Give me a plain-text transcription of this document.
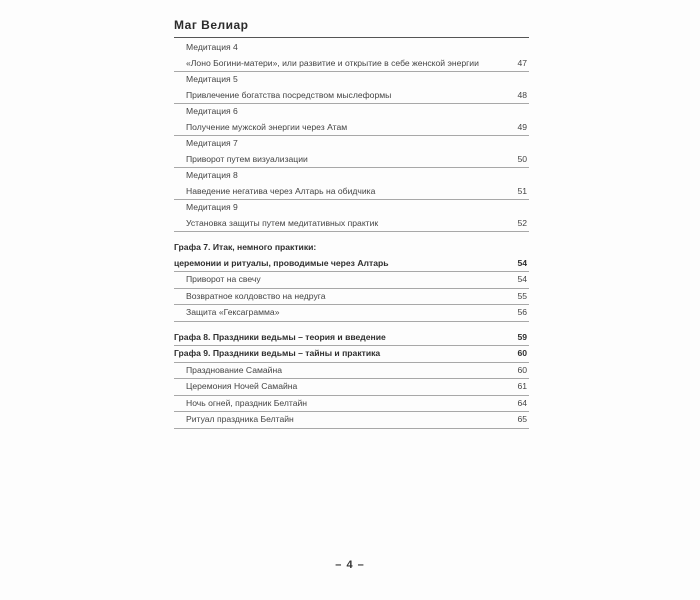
Маг Велиар
Медитация 4
«Лоно Богини-матери», или развитие и открытие в себе женской энергии	47
Медитация 5
Привлечение богатства посредством мыслеформы	48
Медитация 6
Получение мужской энергии через Атам	49
Медитация 7
Приворот путем визуализации	50
Медитация 8
Наведение негатива через Алтарь на обидчика	51
Медитация 9
Установка защиты путем медитативных практик	52
Графа 7. Итак, немного практики:
церемонии и ритуалы, проводимые через Алтарь	54
Приворот на свечу	54
Возвратное колдовство на недруга	55
Защита «Гексаграмма»	56
Графа 8. Праздники ведьмы – теория и введение	59
Графа 9. Праздники ведьмы – тайны и практика	60
Празднование Самайна	60
Церемония Ночей Самайна	61
Ночь огней, праздник Белтайн	64
Ритуал праздника Белтайн	65
– 4 –
